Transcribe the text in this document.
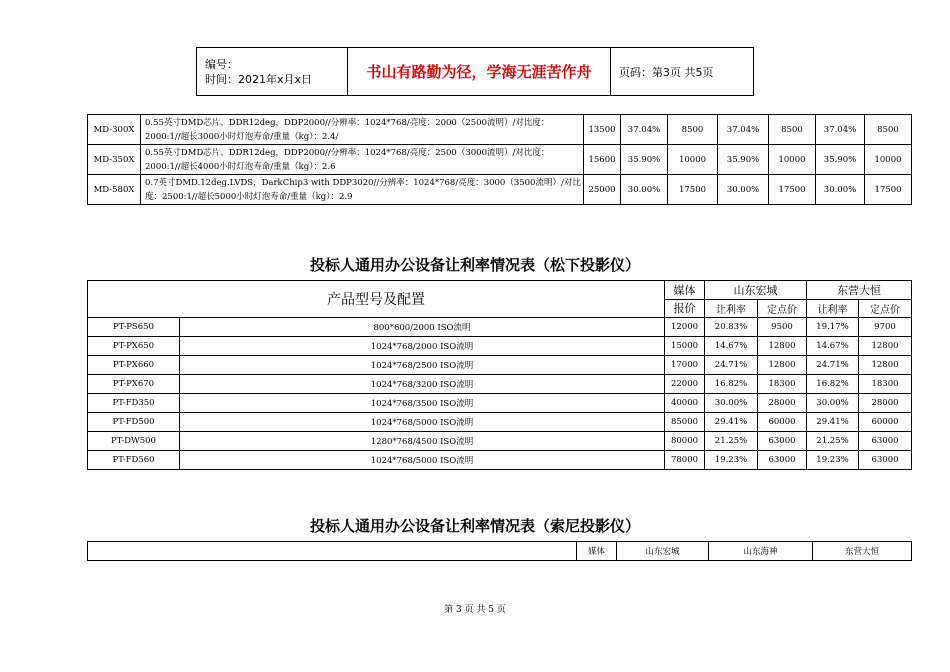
编号：
时间：2021年x月x日	书山有路勤为径，学海无涯苦作舟	页码：第3页 共5页
MD-300X	0.55英寸DMD芯片、DDR12deg，DDP2000//分辨率：1024*768/亮度：2000（2500流明）/对比度：2000:1//超长3000小时灯泡寿命/重量（kg）：2.4/	13500	37.04%	8500	37.04%	8500	37.04%	8500
MD-350X	0.55英寸DMD芯片、DDR12deg，DDP2000//分辨率：1024*768/亮度：2500（3000流明）/对比度：2000:1//超长4000小时灯泡寿命/重量（kg）：2.6	15600	35.90%	10000	35.90%	10000	35.90%	10000
MD-580X	0.7英寸DMD.12deg.LVDS，DarkChip3 with DDP3020//分辨率：1024*768/亮度：3000（3500流明）/对比度：2500:1//超长5000小时灯泡寿命/重量（kg）：2.9	25000	30.00%	17500	30.00%	17500	30.00%	17500
投标人通用办公设备让利率情况表（松下投影仪）
产品型号及配置		媒体	山东宏城		东营大恒	
		报价	让利率	定点价	让利率	定点价
PT-PS650	800*600/2000 ISO流明	12000	20.83%	9500	19.17%	9700
PT-PX650	1024*768/2000 ISO流明	15000	14.67%	12800	14.67%	12800
PT-PX660	1024*768/2500 ISO流明	17000	24.71%	12800	24.71%	12800
PT-PX670	1024*768/3200 ISO流明	22000	16.82%	18300	16.82%	18300
PT-FD350	1024*768/3500 ISO流明	40000	30.00%	28000	30.00%	28000
PT-FD500	1024*768/5000 ISO流明	85000	29.41%	60000	29.41%	60000
PT-DW500	1280*768/4500 ISO流明	80000	21.25%	63000	21.25%	63000
PT-FD560	1024*768/5000 ISO流明	78000	19.23%	63000	19.23%	63000
投标人通用办公设备让利率情况表（索尼投影仪）
	媒体	山东宏城	山东海神	东营大恒
第 3 页 共 5 页
